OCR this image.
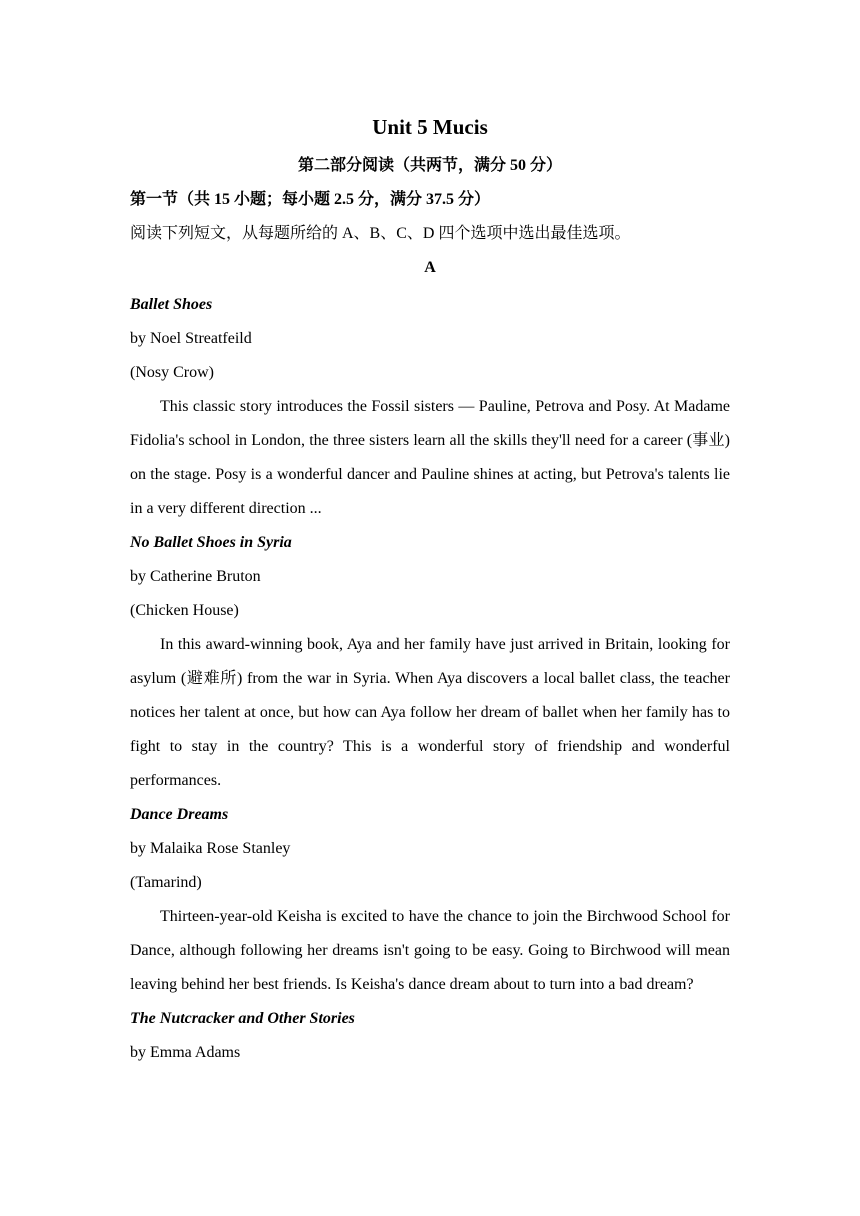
Unit 5 Mucis
第二部分阅读（共两节，满分 50 分）
第一节（共 15 小题；每小题 2.5 分，满分 37.5 分）
阅读下列短文，从每题所给的 A、B、C、D 四个选项中选出最佳选项。
A

Ballet Shoes

by Noel Streatfeild

(Nosy Crow)

This classic story introduces the Fossil sisters — Pauline, Petrova and Posy. At Madame Fidolia's school in London, the three sisters learn all the skills they'll need for a career (事业) on the stage. Posy is a wonderful dancer and Pauline shines at acting, but Petrova's talents lie in a very different direction ...

No Ballet Shoes in Syria

by Catherine Bruton

(Chicken House)

In this award-winning book, Aya and her family have just arrived in Britain, looking for asylum (避难所) from the war in Syria. When Aya discovers a local ballet class, the teacher notices her talent at once, but how can Aya follow her dream of ballet when her family has to fight to stay in the country? This is a wonderful story of friendship and wonderful performances.

Dance Dreams

by Malaika Rose Stanley

(Tamarind)

Thirteen-year-old Keisha is excited to have the chance to join the Birchwood School for Dance, although following her dreams isn't going to be easy. Going to Birchwood will mean leaving behind her best friends. Is Keisha's dance dream about to turn into a bad dream?

The Nutcracker and Other Stories

by Emma Adams
